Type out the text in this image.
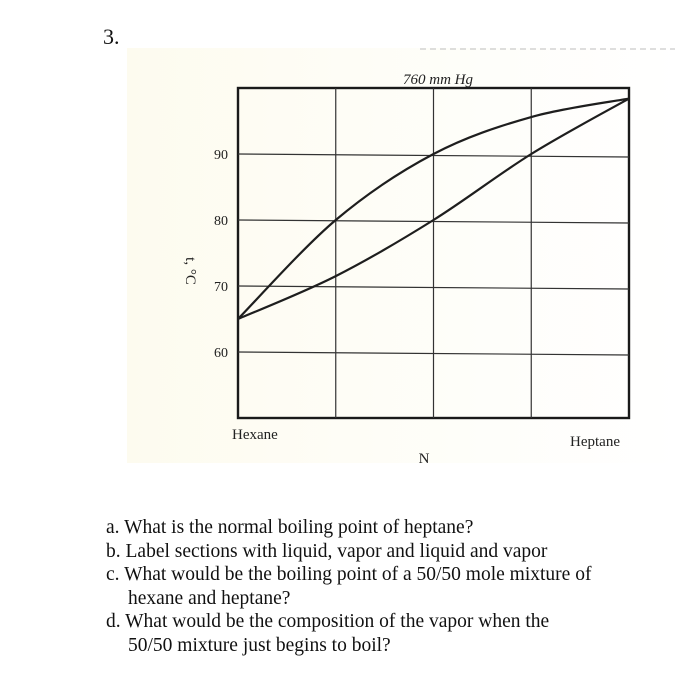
3.
760 mm Hg
t, °C
Hexane	Heptane
N
60
70
80
90
a. What is the normal boiling point of heptane?
b. Label sections with liquid, vapor and liquid and vapor
c. What would be the boiling point of a 50/50 mole mixture of
hexane and heptane?
d. What would be the composition of the vapor when the
50/50 mixture just begins to boil?
